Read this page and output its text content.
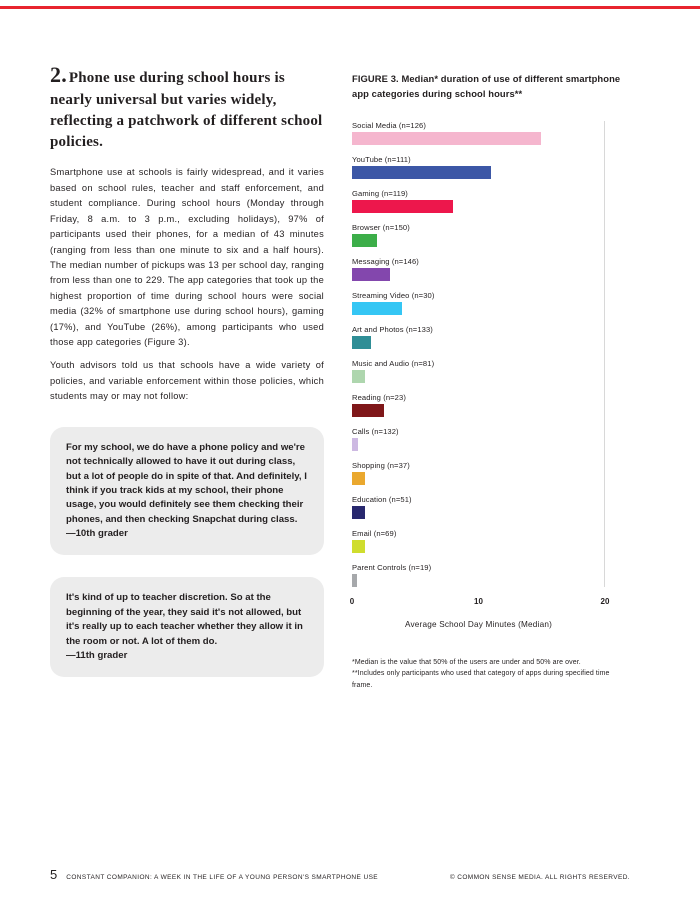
2. Phone use during school hours is nearly universal but varies widely, reflecting a patchwork of different school policies.

Smartphone use at schools is fairly widespread, and it varies based on school rules, teacher and staff enforcement, and student compliance. During school hours (Monday through Friday, 8 a.m. to 3 p.m., excluding holidays), 97% of participants used their phones, for a median of 43 minutes (ranging from less than one minute to six and a half hours). The median number of pickups was 13 per school day, ranging from less than one to 229. The app categories that took up the highest proportion of time during school hours were social media (32% of smartphone use during school hours), gaming (17%), and YouTube (26%), among participants who used those app categories (Figure 3).

Youth advisors told us that schools have a wide variety of policies, and variable enforcement within those policies, which students may or may not follow:

For my school, we do have a phone policy and we're not technically allowed to have it out during class, but a lot of people do in spite of that. And definitely, I think if you track kids at my school, their phone usage, you would definitely see them checking their phones, and then checking Snapchat during class.
—10th grader
It's kind of up to teacher discretion. So at the beginning of the year, they said it's not allowed, but it's really up to each teacher whether they allow it in the room or not. A lot of them do.
—11th grader
FIGURE 3. Median* duration of use of different smartphone app categories during school hours**
Social Media (n=126)
YouTube (n=111)
Gaming (n=119)
Browser (n=150)
Messaging (n=146)
Streaming Video (n=30)
Art and Photos (n=133)
Music and Audio (n=81)
Reading (n=23)
Calls (n=132)
Shopping (n=37)
Education (n=51)
Email (n=69)
Parent Controls (n=19)
0	10	20
Average School Day Minutes (Median)
*Median is the value that 50% of the users are under and 50% are over.
**Includes only participants who used that category of apps during specified time frame.
5 CONSTANT COMPANION: A WEEK IN THE LIFE OF A YOUNG PERSON'S SMARTPHONE USE	© COMMON SENSE MEDIA. ALL RIGHTS RESERVED.
